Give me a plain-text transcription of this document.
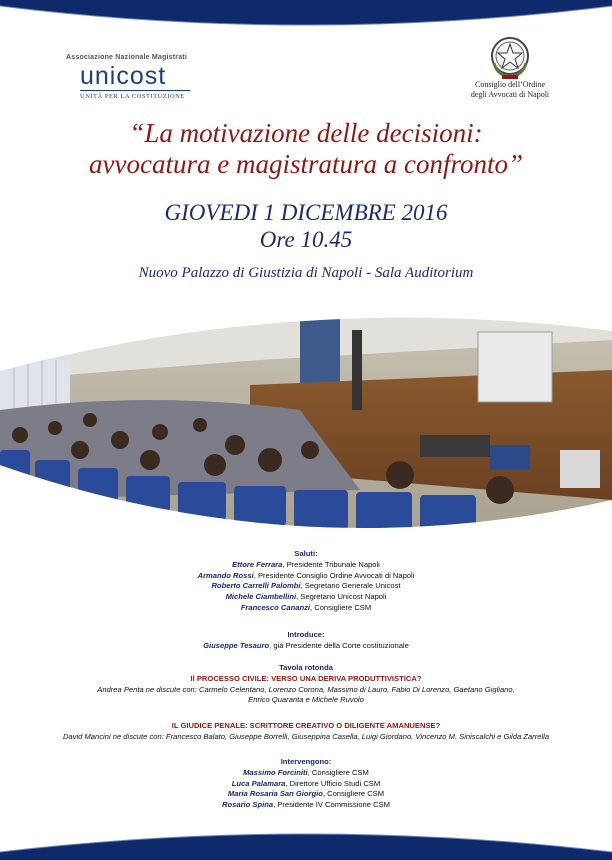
Associazione Nazionale Magistrati
unicost
UNITÀ PER LA COSTITUZIONE
Consiglio dell’Ordine
degli Avvocati di Napoli
“La motivazione delle decisioni:
avvocatura e magistratura a confronto”
GIOVEDI 1 DICEMBRE 2016
Ore 10.45
Nuovo Palazzo di Giustizia di Napoli - Sala Auditorium
Saluti:
Ettore Ferrara, Presidente Tribunale Napoli
Armando Rossi, Presidente Consiglio Ordine Avvocati di Napoli
Roberto Carrelli Palombi, Segretario Generale Unicost
Michele Ciambellini, Segretario Unicost Napoli
Francesco Cananzi, Consigliere CSM
Introduce:
Giuseppe Tesauro, già Presidente della Corte costituzionale
Tavola rotonda
Il PROCESSO CIVILE: VERSO UNA DERIVA PRODUTTIVISTICA?
Andrea Penta ne discute con: Carmelo Celentano, Lorenzo Corona, Massimo di Lauro, Fabio Di Lorenzo, Gaetano Gigliano,
Enrico Quaranta e Michele Ruvolo
IL GIUDICE PENALE: SCRITTORE CREATIVO O DILIGENTE AMANUENSE?
David Mancini ne discute con: Francesco Balato, Giuseppe Borrelli, Giuseppina Casella, Luigi Giordano, Vincenzo M. Siniscalchi e Gilda Zarrella
Intervengono:
Massimo Forciniti, Consigliere CSM
Luca Palamara, Direttore Ufficio Studi CSM
Maria Rosaria San Giorgio, Consigliere CSM
Rosario Spina, Presidente IV Commissione CSM
